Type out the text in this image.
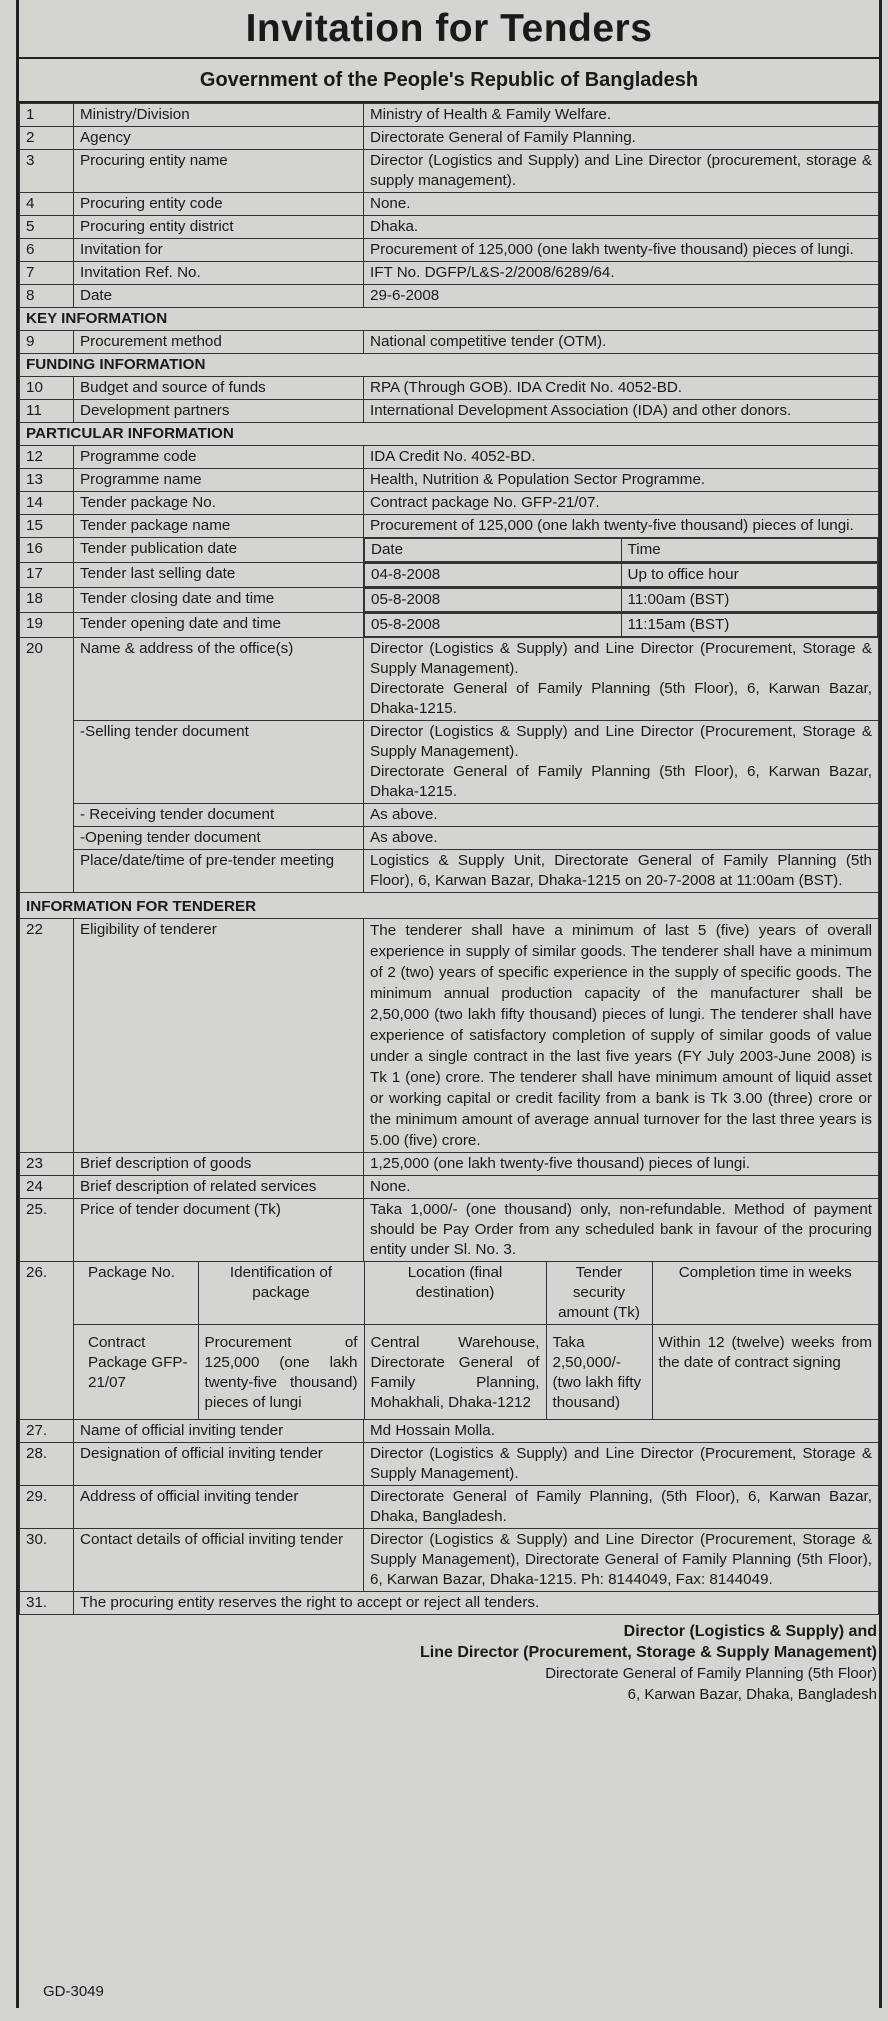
Invitation for Tenders
Government of the People's Republic of Bangladesh
1	Ministry/Division	Ministry of Health & Family Welfare.
2	Agency	Directorate General of Family Planning.
3	Procuring entity name	Director (Logistics and Supply) and Line Director (procurement, storage & supply management).
4	Procuring entity code	None.
5	Procuring entity district	Dhaka.
6	Invitation for	Procurement of 125,000 (one lakh twenty-five thousand) pieces of lungi.
7	Invitation Ref. No.	IFT No. DGFP/L&S-2/2008/6289/64.
8	Date	29-6-2008
KEY INFORMATION
9	Procurement method	National competitive tender (OTM).
FUNDING INFORMATION
10	Budget and source of funds	RPA (Through GOB). IDA Credit No. 4052-BD.
11	Development partners	International Development Association (IDA) and other donors.
PARTICULAR INFORMATION
12	Programme code	IDA Credit No. 4052-BD.
13	Programme name	Health, Nutrition & Population Sector Programme.
14	Tender package No.	Contract package No. GFP-21/07.
15	Tender package name	Procurement of 125,000 (one lakh twenty-five thousand) pieces of lungi.
16	Tender publication date		Date	Time

17	Tender last selling date		04-8-2008	Up to office hour

18	Tender closing date and time		05-8-2008	11:00am (BST)

19	Tender opening date and time		05-8-2008	11:15am (BST)

20	Name & address of the office(s)	Director (Logistics & Supply) and Line Director (Procurement, Storage & Supply Management).
Directorate General of Family Planning (5th Floor), 6, Karwan Bazar, Dhaka-1215.

-Selling tender document	Director (Logistics & Supply) and Line Director (Procurement, Storage & Supply Management).
Directorate General of Family Planning (5th Floor), 6, Karwan Bazar, Dhaka-1215.

- Receiving tender document	As above.
-Opening tender document	As above.
Place/date/time of pre-tender meeting	Logistics & Supply Unit, Directorate General of Family Planning (5th Floor), 6, Karwan Bazar, Dhaka-1215 on 20-7-2008 at 11:00am (BST).
INFORMATION FOR TENDERER
22	Eligibility of tenderer	The tenderer shall have a minimum of last 5 (five) years of overall experience in supply of similar goods. The tenderer shall have a minimum of 2 (two) years of specific experience in the supply of specific goods. The minimum annual production capacity of the manufacturer shall be 2,50,000 (two lakh fifty thousand) pieces of lungi. The tenderer shall have experience of satisfactory completion of supply of similar goods of value under a single contract in the last five years (FY July 2003-June 2008) is Tk 1 (one) crore. The tenderer shall have minimum amount of liquid asset or working capital or credit facility from a bank is Tk 3.00 (three) crore or the minimum amount of average annual turnover for the last three years is 5.00 (five) crore.
23	Brief description of goods	1,25,000 (one lakh twenty-five thousand) pieces of lungi.
24	Brief description of related services	None.
25.	Price of tender document (Tk)	Taka 1,000/- (one thousand) only, non-refundable. Method of payment should be Pay Order from any scheduled bank in favour of the procuring entity under Sl. No. 3.
26.		Package No.	Identification of package	Location (final destination)	Tender security amount (Tk)	Completion time in weeks
Contract Package GFP-21/07	Procurement of 125,000 (one lakh twenty-five thousand) pieces of lungi	Central Warehouse, Directorate General of Family Planning, Mohakhali, Dhaka-1212	Taka 2,50,000/- (two lakh fifty thousand)	Within 12 (twelve) weeks from the date of contract signing

27.	Name of official inviting tender	Md Hossain Molla.
28.	Designation of official inviting tender	Director (Logistics & Supply) and Line Director (Procurement, Storage & Supply Management).
29.	Address of official inviting tender	Directorate General of Family Planning, (5th Floor), 6, Karwan Bazar, Dhaka, Bangladesh.
30.	Contact details of official inviting tender	Director (Logistics & Supply) and Line Director (Procurement, Storage & Supply Management), Directorate General of Family Planning (5th Floor), 6, Karwan Bazar, Dhaka-1215. Ph: 8144049, Fax: 8144049.
31.	The procuring entity reserves the right to accept or reject all tenders.
Director (Logistics & Supply) and
Line Director (Procurement, Storage & Supply Management)
Directorate General of Family Planning (5th Floor)
6, Karwan Bazar, Dhaka, Bangladesh
GD-3049
